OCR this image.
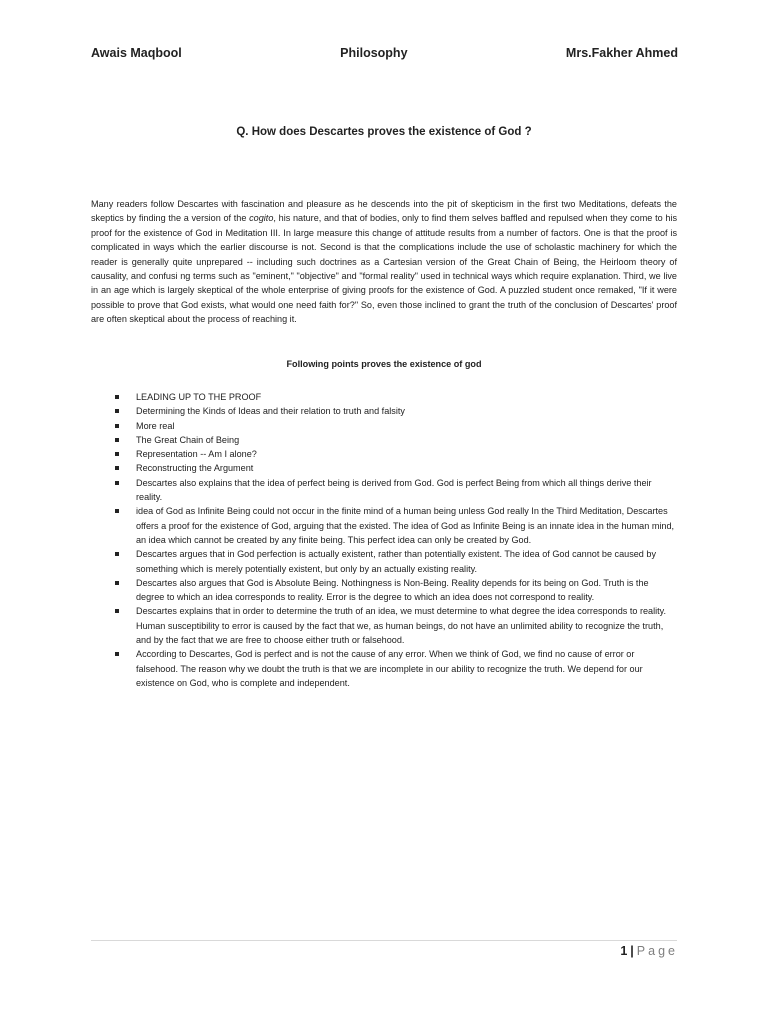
Awais Maqbool	Philosophy	Mrs.Fakher Ahmed
Q. How does Descartes proves the existence of God ?

Many readers follow Descartes with fascination and pleasure as he descends into the pit of skepticism in the first two Meditations, defeats the skeptics by finding the a version of the cogito, his nature, and that of bodies, only to find them selves baffled and repulsed when they come to his proof for the existence of God in Meditation III. In large measure this change of attitude results from a number of factors. One is that the proof is complicated in ways which the earlier discourse is not. Second is that the complications include the use of scholastic machinery for which the reader is generally quite unprepared -- including such doctrines as a Cartesian version of the Great Chain of Being, the Heirloom theory of causality, and confusi ng terms such as "eminent," "objective" and "formal reality" used in technical ways which require explanation. Third, we live in an age which is largely skeptical of the whole enterprise of giving proofs for the existence of God. A puzzled student once remaked, "If it were possible to prove that God exists, what would one need faith for?" So, even those inclined to grant the truth of the conclusion of Descartes' proof are often skeptical about the process of reaching it.

Following points proves the existence of god
LEADING UP TO THE PROOF
Determining the Kinds of Ideas and their relation to truth and falsity
More real
The Great Chain of Being
Representation -- Am I alone?
Reconstructing the Argument
Descartes also explains that the idea of perfect being is derived from God. God is perfect Being from which all things derive their reality.
idea of God as Infinite Being could not occur in the finite mind of a human being unless God really In the Third Meditation, Descartes offers a proof for the existence of God, arguing that the existed. The idea of God as Infinite Being is an innate idea in the human mind, an idea which cannot be created by any finite being. This perfect idea can only be created by God.
Descartes argues that in God perfection is actually existent, rather than potentially existent. The idea of God cannot be caused by something which is merely potentially existent, but only by an actually existing reality.
Descartes also argues that God is Absolute Being. Nothingness is Non-Being. Reality depends for its being on God. Truth is the degree to which an idea corresponds to reality. Error is the degree to which an idea does not correspond to reality.
Descartes explains that in order to determine the truth of an idea, we must determine to what degree the idea corresponds to reality. Human susceptibility to error is caused by the fact that we, as human beings, do not have an unlimited ability to recognize the truth, and by the fact that we are free to choose either truth or falsehood.
According to Descartes, God is perfect and is not the cause of any error. When we think of God, we find no cause of error or falsehood. The reason why we doubt the truth is that we are incomplete in our ability to recognize the truth. We depend for our existence on God, who is complete and independent.
1 | Page
